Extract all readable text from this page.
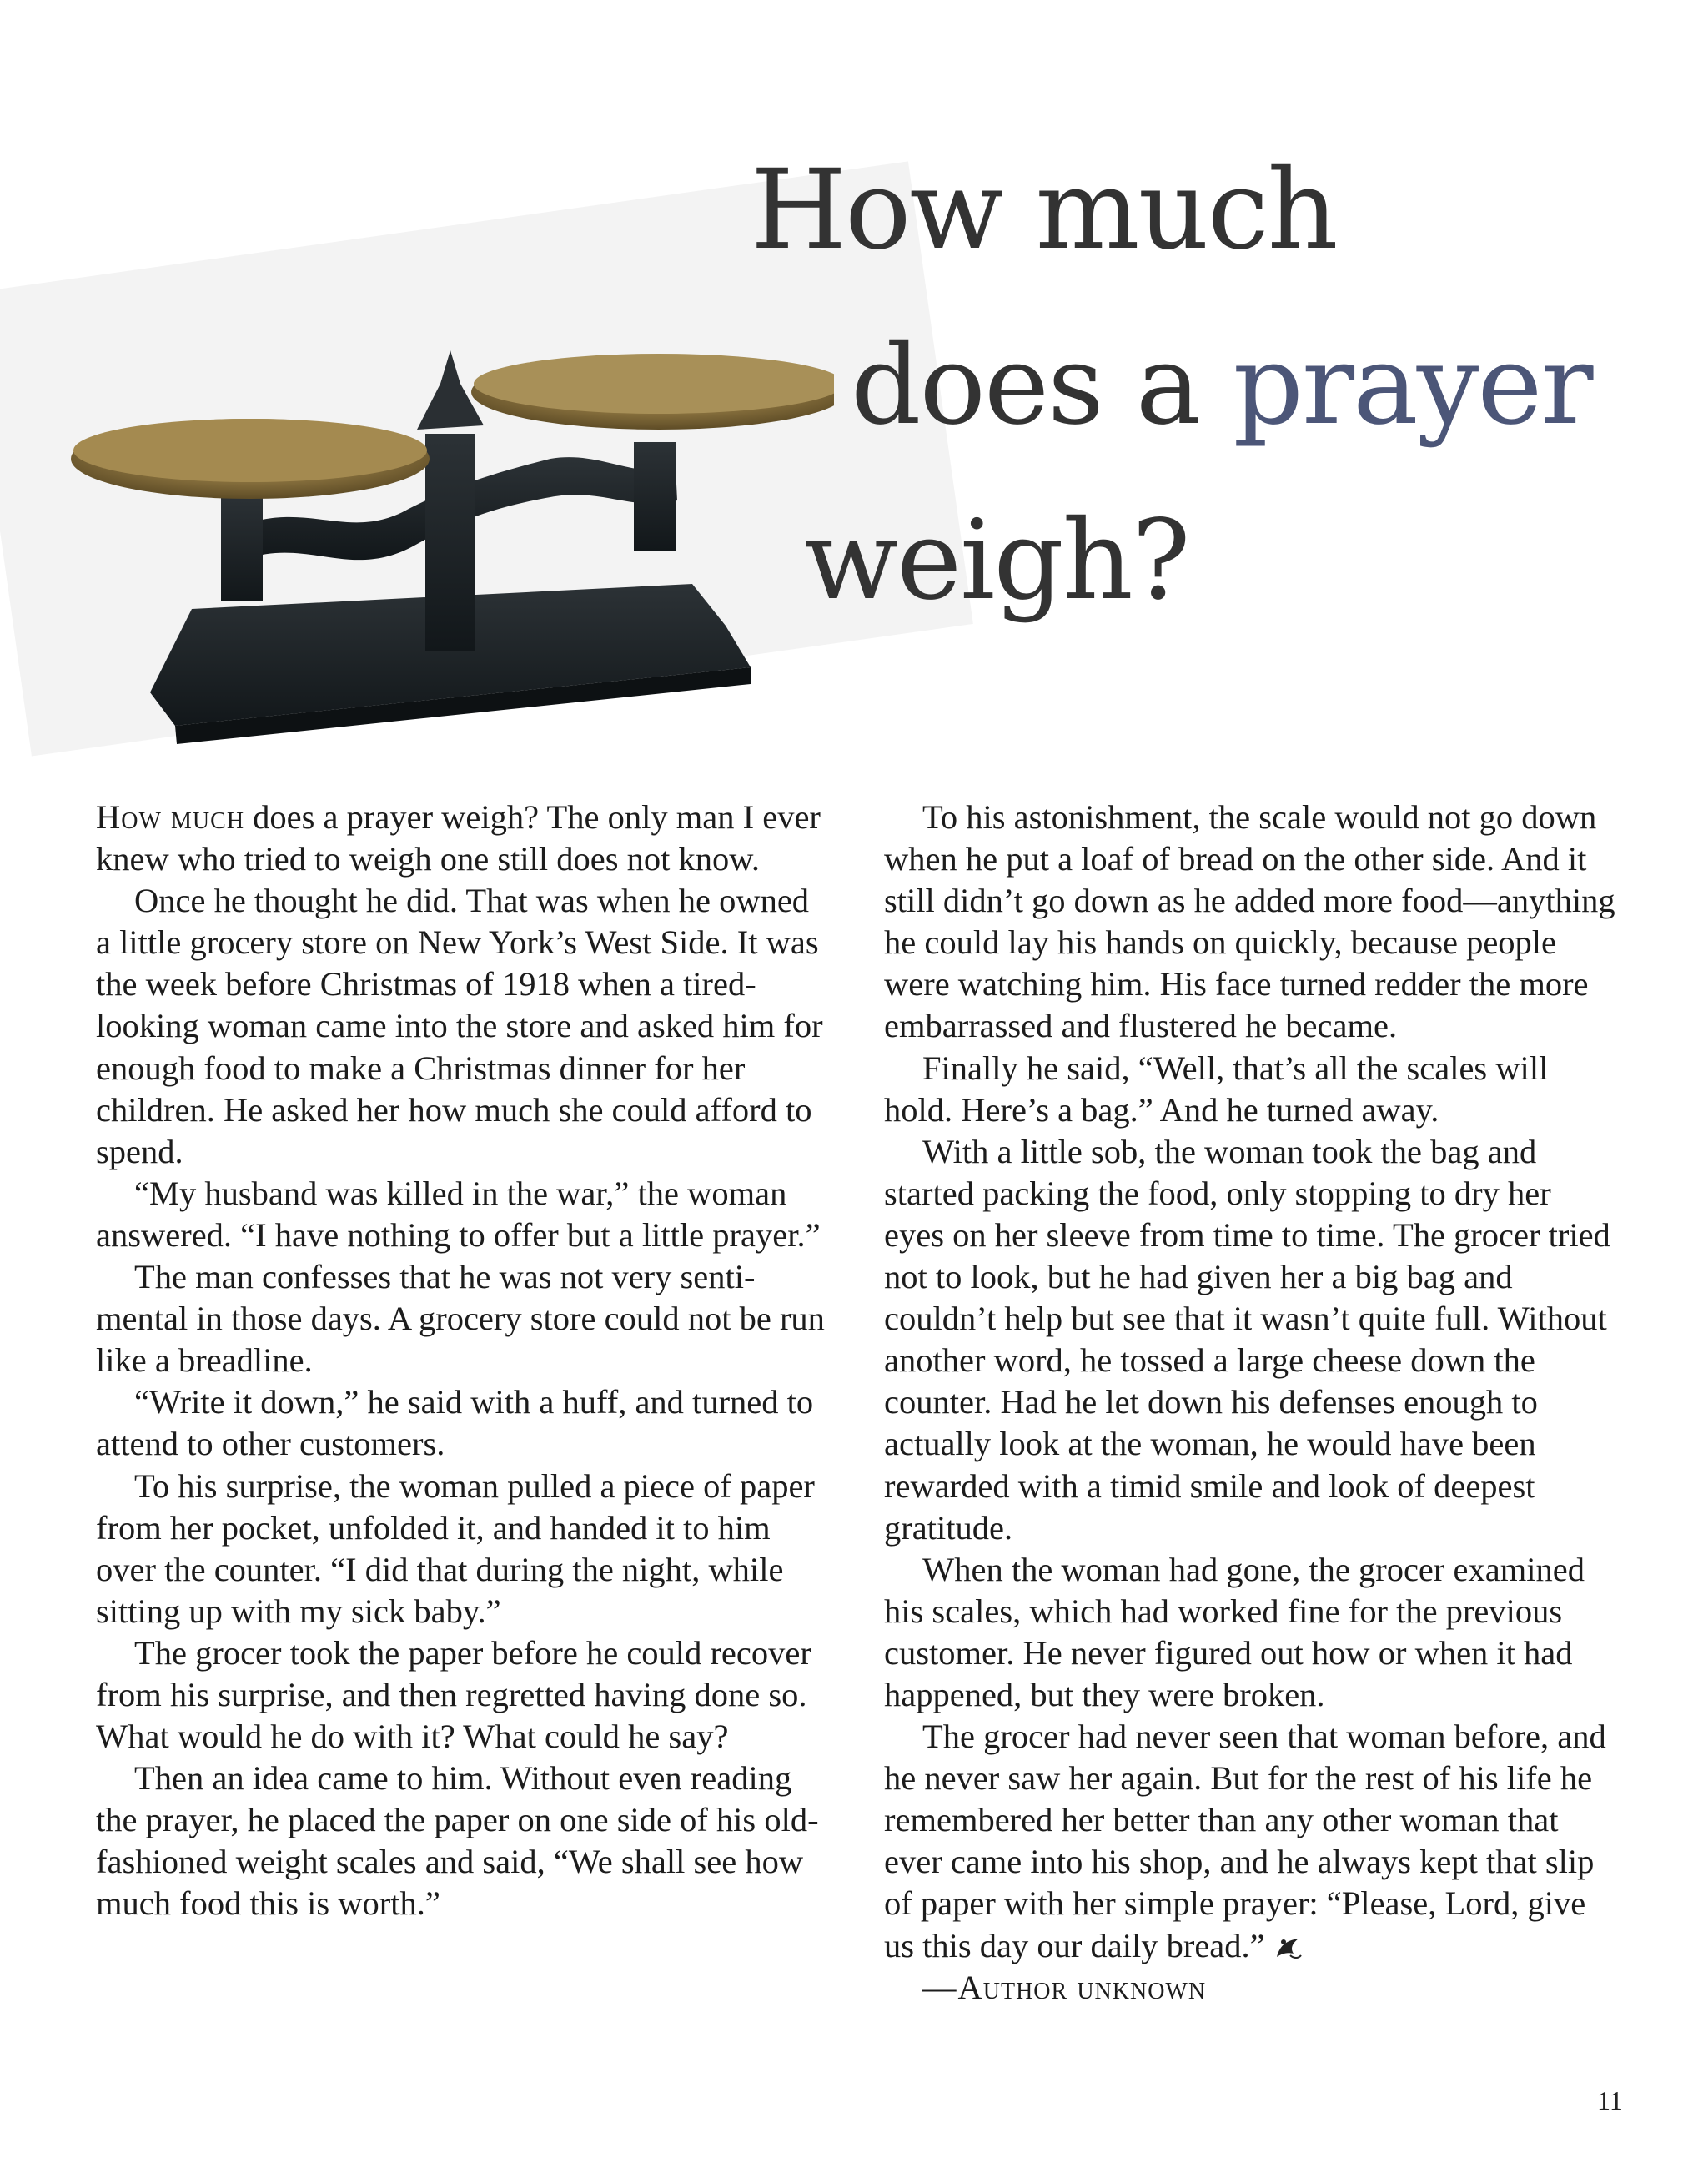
How much
does a prayer
weigh?

How much does a prayer weigh? The only man I ever knew who tried to weigh one still does not know.

Once he thought he did. That was when he owned a little grocery store on New York’s West Side. It was the week before Christmas of 1918 when a tired-looking woman came into the store and asked him for enough food to make a Christmas dinner for her children. He asked her how much she could afford to spend.

“My husband was killed in the war,” the woman answered. “I have nothing to offer but a little prayer.”

The man confesses that he was not very sentimental in those days. A grocery store could not be run like a breadline.

“Write it down,” he said with a huff, and turned to attend to other customers.

To his surprise, the woman pulled a piece of paper from her pocket, unfolded it, and handed it to him over the counter. “I did that during the night, while sitting up with my sick baby.”

The grocer took the paper before he could recover from his surprise, and then regretted having done so. What would he do with it? What could he say?

Then an idea came to him. Without even reading the prayer, he placed the paper on one side of his old-fashioned weight scales and said, “We shall see how much food this is worth.”

To his astonishment, the scale would not go down when he put a loaf of bread on the other side. And it still didn’t go down as he added more food—anything he could lay his hands on quickly, because people were watching him. His face turned redder the more embarrassed and flustered he became.

Finally he said, “Well, that’s all the scales will hold. Here’s a bag.” And he turned away.

With a little sob, the woman took the bag and started packing the food, only stopping to dry her eyes on her sleeve from time to time. The grocer tried not to look, but he had given her a big bag and couldn’t help but see that it wasn’t quite full. Without another word, he tossed a large cheese down the counter. Had he let down his defenses enough to actually look at the woman, he would have been rewarded with a timid smile and look of deepest gratitude.

When the woman had gone, the grocer examined his scales, which had worked fine for the previous customer. He never figured out how or when it had happened, but they were broken.

The grocer had never seen that woman before, and he never saw her again. But for the rest of his life he remembered her better than any other woman that ever came into his shop, and he always kept that slip of paper with her simple prayer: “Please, Lord, give us this day our daily bread.”

—Author unknown

11
